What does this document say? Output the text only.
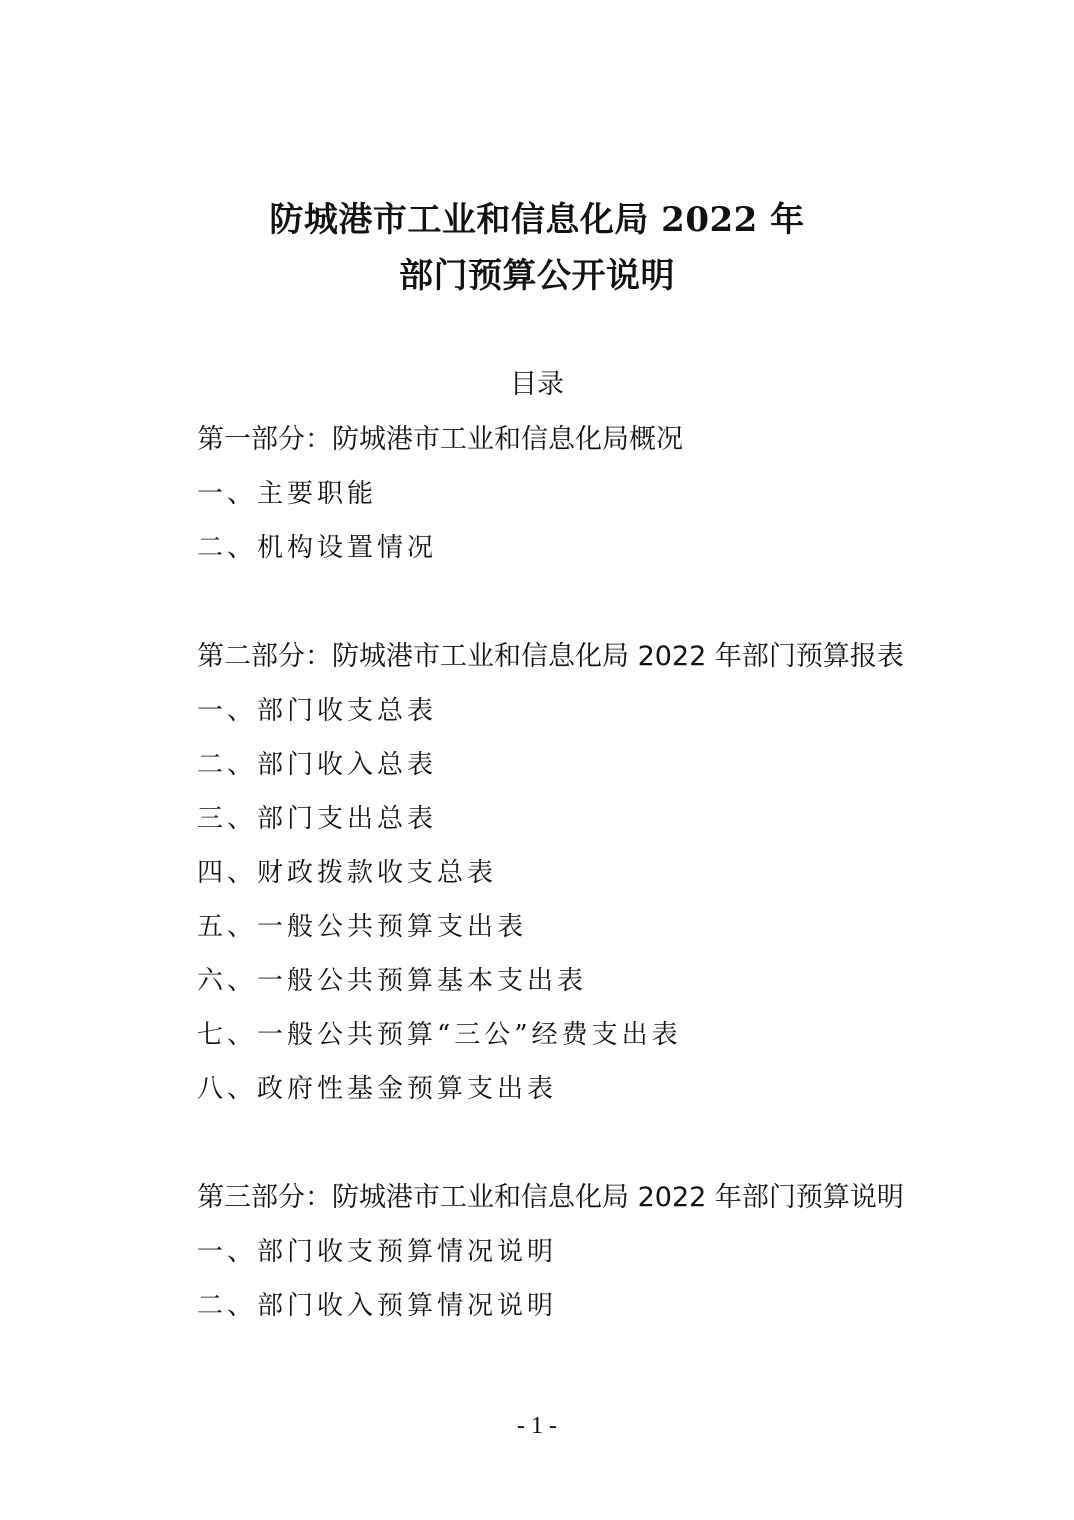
防城港市工业和信息化局 2022 年
部门预算公开说明
目录
第一部分：防城港市工业和信息化局概况
一、主要职能
二、机构设置情况
第二部分：防城港市工业和信息化局 2022 年部门预算报表
一、部门收支总表
二、部门收入总表
三、部门支出总表
四、财政拨款收支总表
五、一般公共预算支出表
六、一般公共预算基本支出表
七、一般公共预算“三公”经费支出表
八、政府性基金预算支出表
第三部分：防城港市工业和信息化局 2022 年部门预算说明
一、部门收支预算情况说明
二、部门收入预算情况说明
- 1 -
